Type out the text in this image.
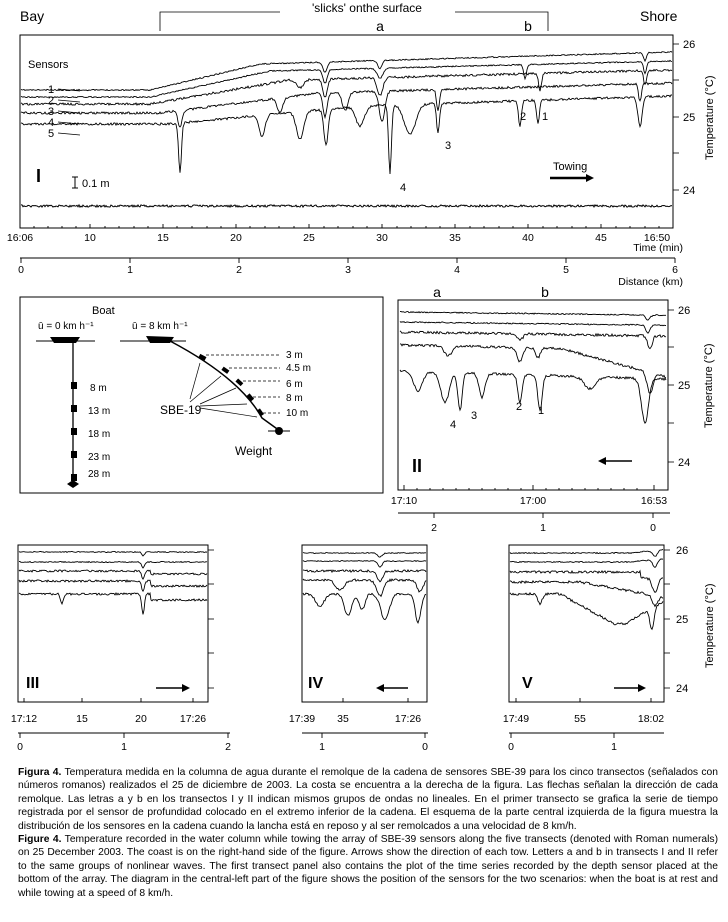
Bay	Shore
'slicks' onthe surface
a	b
Sensors
1
2
3
4
5
I	0.1 m
Towing
2 1
3
4
26
25
24
Temperature (°C)
16:06	10	15	20	25	30	35	40	45	16:50
Time (min)
0	1	2	3	4	5	6
Distance (km)
Boat
ū = 0 km h⁻¹	ū = 8 km h⁻¹
8 m
13 m
18 m
23 m
28 m
3 m
4.5 m
6 m
8 m
10 m
SBE-19
Weight
a	b
4
3
2 1
II
26
25
24
Temperature (°C)
17:10	17:00	16:53
2	1	0
III
17:12	15	20	17:26
0	1	2
IV
17:39 35	17:26
1	0
V
26
25
24
Temperature (°C)
17:49	55	18:02
0	1

Figura 4. Temperatura medida en la columna de agua durante el remolque de la cadena de sensores SBE-39 para los cinco transectos (señalados con números romanos) realizados el 25 de diciembre de 2003. La costa se encuentra a la derecha de la figura. Las flechas señalan la dirección de cada remolque. Las letras a y b en los transectos I y II indican mismos grupos de ondas no lineales. En el primer transecto se grafica la serie de tiempo registrada por el sensor de profundidad colocado en el extremo inferior de la cadena. El esquema de la parte central izquierda de la figura muestra la distribución de los sensores en la cadena cuando la lancha está en reposo y al ser remolcados a una velocidad de 8 km/h.

Figure 4. Temperature recorded in the water column while towing the array of SBE-39 sensors along the five transects (denoted with Roman numerals) on 25 December 2003. The coast is on the right-hand side of the figure. Arrows show the direction of each tow. Letters a and b in transects I and II refer to the same groups of nonlinear waves. The first transect panel also contains the plot of the time series recorded by the depth sensor placed at the bottom of the array. The diagram in the central-left part of the figure shows the position of the sensors for the two scenarios: when the boat is at rest and while towing at a speed of 8 km/h.
